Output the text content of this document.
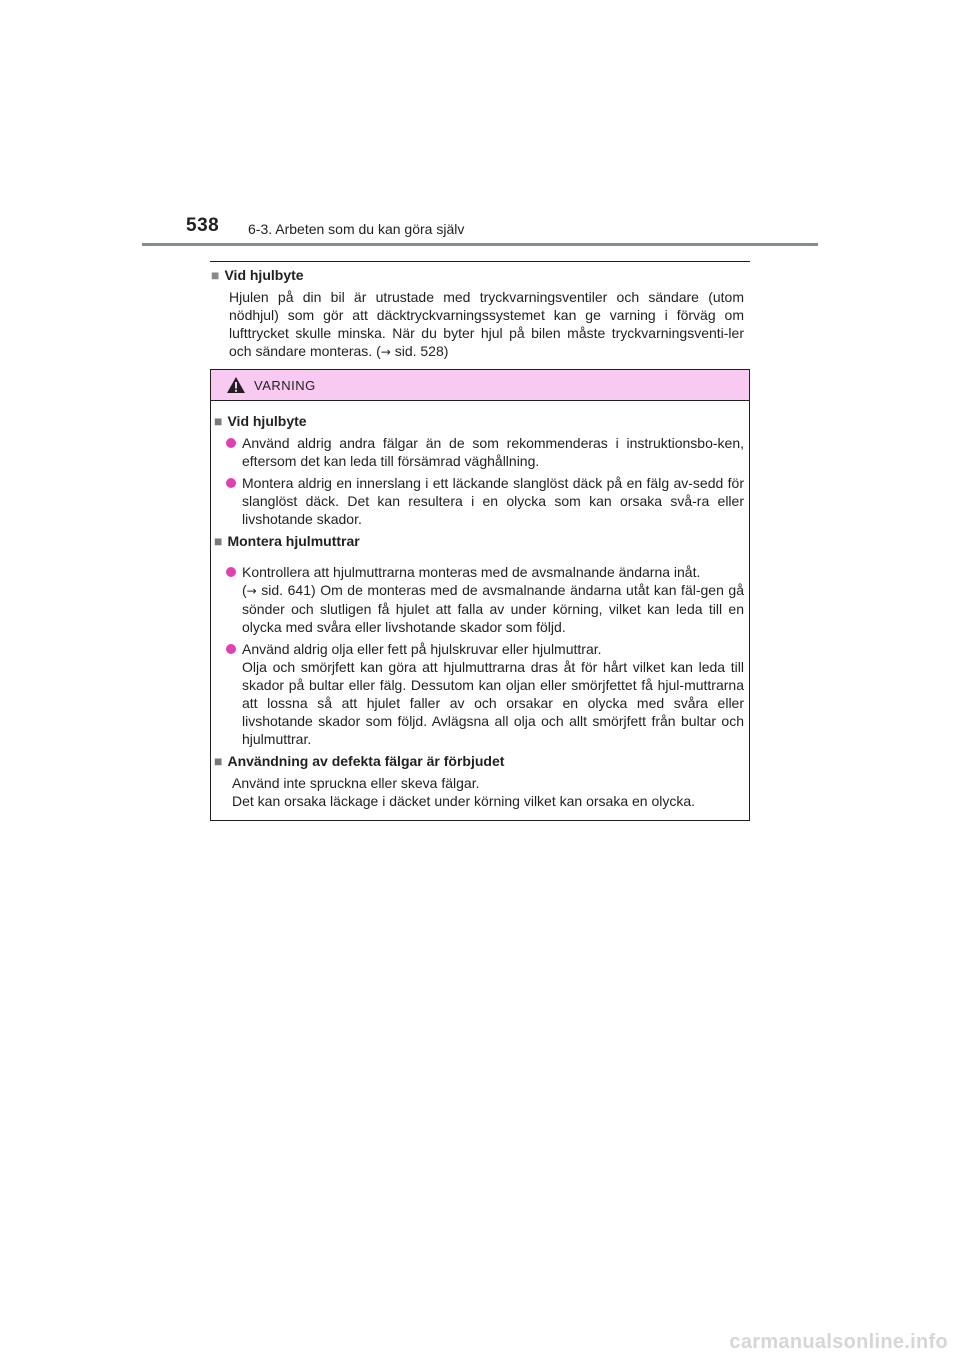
538 6-3. Arbeten som du kan göra själv
■ Vid hjulbyte
Hjulen på din bil är utrustade med tryckvarningsventiler och sändare (utom nödhjul) som gör att däcktryckvarningssystemet kan ge varning i förväg om lufttrycket skulle minska. När du byter hjul på bilen måste tryckvarningsventi-ler och sändare monteras. (→ sid. 528)
VARNING
■ Vid hjulbyte

Använd aldrig andra fälgar än de som rekommenderas i instruktionsbo-ken, eftersom det kan leda till försämrad väghållning.

Montera aldrig en innerslang i ett läckande slanglöst däck på en fälg av-sedd för slanglöst däck. Det kan resultera i en olycka som kan orsaka svå-ra eller livshotande skador.

■ Montera hjulmuttrar

Kontrollera att hjulmuttrarna monteras med de avsmalnande ändarna inåt.
(→ sid. 641) Om de monteras med de avsmalnande ändarna utåt kan fäl-gen gå sönder och slutligen få hjulet att falla av under körning, vilket kan leda till en olycka med svåra eller livshotande skador som följd.

Använd aldrig olja eller fett på hjulskruvar eller hjulmuttrar.
Olja och smörjfett kan göra att hjulmuttrarna dras åt för hårt vilket kan leda till skador på bultar eller fälg. Dessutom kan oljan eller smörjfettet få hjul-muttrarna att lossna så att hjulet faller av och orsakar en olycka med svåra eller livshotande skador som följd. Avlägsna all olja och allt smörjfett från bultar och hjulmuttrar.

■ Användning av defekta fälgar är förbjudet

Använd inte spruckna eller skeva fälgar.

Det kan orsaka läckage i däcket under körning vilket kan orsaka en olycka.

carmanualsonline.info
